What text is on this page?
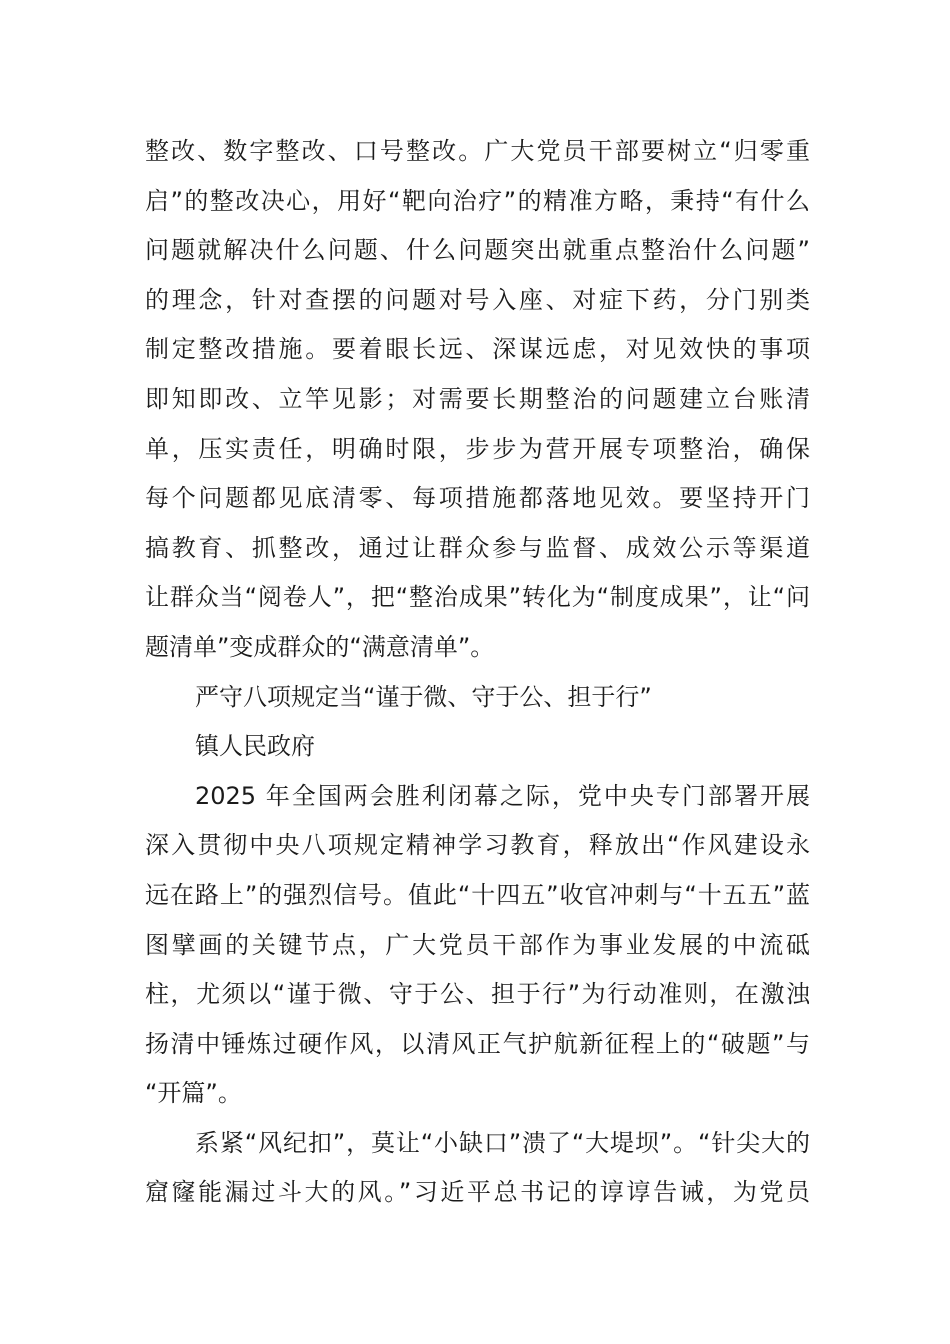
整改、数字整改、口号整改。广大党员干部要树立“归零重
启”的整改决心，用好“靶向治疗”的精准方略，秉持“有什么
问题就解决什么问题、什么问题突出就重点整治什么问题”
的理念，针对查摆的问题对号入座、对症下药，分门别类
制定整改措施。要着眼长远、深谋远虑，对见效快的事项
即知即改、立竿见影；对需要长期整治的问题建立台账清
单，压实责任，明确时限，步步为营开展专项整治，确保
每个问题都见底清零、每项措施都落地见效。要坚持开门
搞教育、抓整改，通过让群众参与监督、成效公示等渠道
让群众当“阅卷人”，把“整治成果”转化为“制度成果”，让“问
题清单”变成群众的“满意清单”。
严守八项规定当“谨于微、守于公、担于行”
镇人民政府
2025 年全国两会胜利闭幕之际，党中央专门部署开展
深入贯彻中央八项规定精神学习教育，释放出“作风建设永
远在路上”的强烈信号。值此“十四五”收官冲刺与“十五五”蓝
图擘画的关键节点，广大党员干部作为事业发展的中流砥
柱，尤须以“谨于微、守于公、担于行”为行动准则，在激浊
扬清中锤炼过硬作风，以清风正气护航新征程上的“破题”与
“开篇”。
系紧“风纪扣”，莫让“小缺口”溃了“大堤坝”。“针尖大的
窟窿能漏过斗大的风。”习近平总书记的谆谆告诫，为党员
